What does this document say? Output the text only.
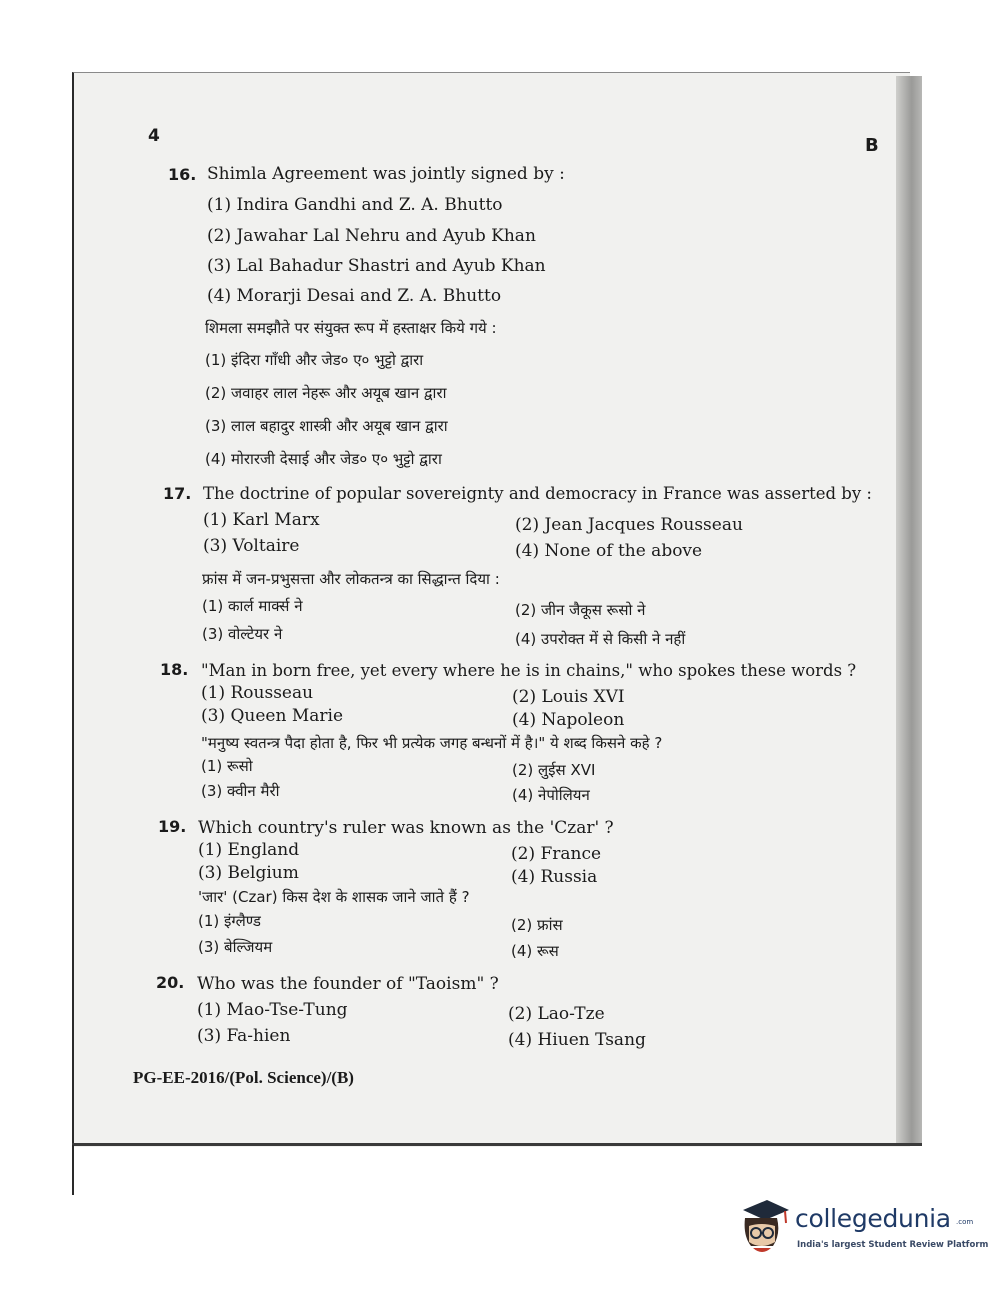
4	B
16. Shimla Agreement was jointly signed by :
(1) Indira Gandhi and Z. A. Bhutto
(2) Jawahar Lal Nehru and Ayub Khan
(3) Lal Bahadur Shastri and Ayub Khan
(4) Morarji Desai and Z. A. Bhutto
शिमला समझौते पर संयुक्त रूप में हस्ताक्षर किये गये :
(1) इंदिरा गाँधी और जेड० ए० भुट्टो द्वारा
(2) जवाहर लाल नेहरू और अयूब खान द्वारा
(3) लाल बहादुर शास्त्री और अयूब खान द्वारा
(4) मोरारजी देसाई और जेड० ए० भुट्टो द्वारा
17. The doctrine of popular sovereignty and democracy in France was asserted by :
(1) Karl Marx	(2) Jean Jacques Rousseau
(3) Voltaire	(4) None of the above
फ्रांस में जन-प्रभुसत्ता और लोकतन्त्र का सिद्धान्त दिया :
(1) कार्ल मार्क्स ने	(2) जीन जैकूस रूसो ने
(3) वोल्टेयर ने	(4) उपरोक्त में से किसी ने नहीं
18. "Man in born free, yet every where he is in chains," who spokes these words ?
(1) Rousseau	(2) Louis XVI
(3) Queen Marie	(4) Napoleon
"मनुष्य स्वतन्त्र पैदा होता है, फिर भी प्रत्येक जगह बन्धनों में है।" ये शब्द किसने कहे ?
(1) रूसो	(2) लुईस XVI
(3) क्वीन मैरी	(4) नेपोलियन
19. Which country's ruler was known as the 'Czar' ?
(1) England	(2) France
(3) Belgium	(4) Russia
'जार' (Czar) किस देश के शासक जाने जाते हैं ?
(1) इंग्लैण्ड	(2) फ्रांस
(3) बेल्जियम	(4) रूस
20. Who was the founder of "Taoism" ?
(1) Mao-Tse-Tung	(2) Lao-Tze
(3) Fa-hien	(4) Hiuen Tsang
PG-EE-2016/(Pol. Science)/(B)
collegedunia .com
India's largest Student Review Platform
